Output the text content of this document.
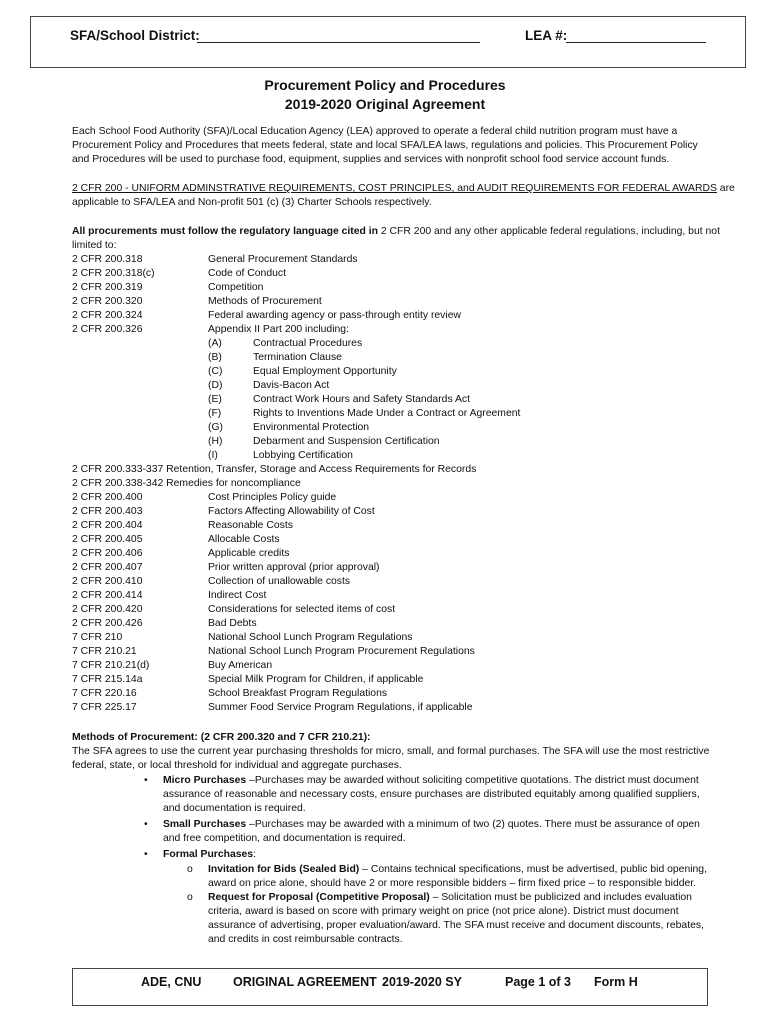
SFA/School District:	LEA #:
Procurement Policy and Procedures
2019-2020 Original Agreement
Each School Food Authority (SFA)/Local Education Agency (LEA) approved to operate a federal child nutrition program must have a
Procurement Policy and Procedures that meets federal, state and local SFA/LEA laws, regulations and policies. This Procurement Policy
and Procedures will be used to purchase food, equipment, supplies and services with nonprofit school food service account funds.
2 CFR 200 - UNIFORM ADMINSTRATIVE REQUIREMENTS, COST PRINCIPLES, and AUDIT REQUIREMENTS FOR FEDERAL AWARDS are
applicable to SFA/LEA and Non-profit 501 (c) (3) Charter Schools respectively.
All procurements must follow the regulatory language cited in 2 CFR 200 and any other applicable federal regulations, including, but not
limited to:
2 CFR 200.318	General Procurement Standards
2 CFR 200.318(c)	Code of Conduct
2 CFR 200.319	Competition
2 CFR 200.320	Methods of Procurement
2 CFR 200.324	Federal awarding agency or pass-through entity review
2 CFR 200.326	Appendix II Part 200 including:
(A)	Contractual Procedures
(B)	Termination Clause
(C)	Equal Employment Opportunity
(D)	Davis-Bacon Act
(E)	Contract Work Hours and Safety Standards Act
(F)	Rights to Inventions Made Under a Contract or Agreement
(G)	Environmental Protection
(H)	Debarment and Suspension Certification
(I)	Lobbying Certification
2 CFR 200.333-337 Retention, Transfer, Storage and Access Requirements for Records
2 CFR 200.338-342 Remedies for noncompliance
2 CFR 200.400	Cost Principles Policy guide
2 CFR 200.403	Factors Affecting Allowability of Cost
2 CFR 200.404	Reasonable Costs
2 CFR 200.405	Allocable Costs
2 CFR 200.406	Applicable credits
2 CFR 200.407	Prior written approval (prior approval)
2 CFR 200.410	Collection of unallowable costs
2 CFR 200.414	Indirect Cost
2 CFR 200.420	Considerations for selected items of cost
2 CFR 200.426	Bad Debts
7 CFR 210	National School Lunch Program Regulations
7 CFR 210.21	National School Lunch Program Procurement Regulations
7 CFR 210.21(d)	Buy American
7 CFR 215.14a	Special Milk Program for Children, if applicable
7 CFR 220.16	School Breakfast Program Regulations
7 CFR 225.17	Summer Food Service Program Regulations, if applicable
Methods of Procurement: (2 CFR 200.320 and 7 CFR 210.21):
The SFA agrees to use the current year purchasing thresholds for micro, small, and formal purchases. The SFA will use the most restrictive
federal, state, or local threshold for individual and aggregate purchases.
• Micro Purchases –Purchases may be awarded without soliciting competitive quotations. The district must document
assurance of reasonable and necessary costs, ensure purchases are distributed equitably among qualified suppliers,
and documentation is required.
• Small Purchases –Purchases may be awarded with a minimum of two (2) quotes. There must be assurance of open
and free competition, and documentation is required.
• Formal Purchases:
o Invitation for Bids (Sealed Bid) – Contains technical specifications, must be advertised, public bid opening,
award on price alone, should have 2 or more responsible bidders – firm fixed price – to responsible bidder.
o Request for Proposal (Competitive Proposal) – Solicitation must be publicized and includes evaluation
criteria, award is based on score with primary weight on price (not price alone). District must document
assurance of advertising, proper evaluation/award. The SFA must receive and document discounts, rebates,
and credits in cost reimbursable contracts.
ADE, CNU	ORIGINAL AGREEMENT 2019-2020 SY	Page 1 of 3 Form H
